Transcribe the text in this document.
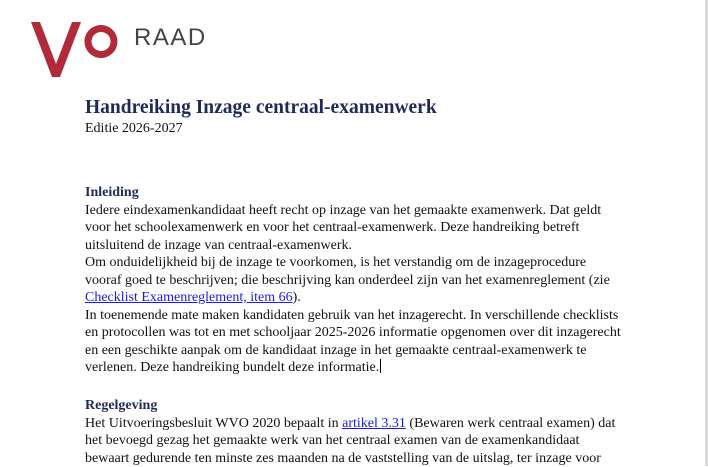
RAAD
Handreiking Inzage centraal-examenwerk

Editie 2026-2027

Inleiding

Iedere eindexamenkandidaat heeft recht op inzage van het gemaakte examenwerk. Dat geldt voor het schoolexamenwerk en voor het centraal-examenwerk. Deze handreiking betreft uitsluitend de inzage van centraal-examenwerk.

Om onduidelijkheid bij de inzage te voorkomen, is het verstandig om de inzageprocedure vooraf goed te beschrijven; die beschrijving kan onderdeel zijn van het examenreglement (zie Checklist Examenreglement, item 66).

In toenemende mate maken kandidaten gebruik van het inzagerecht. In verschillende checklists en protocollen was tot en met schooljaar 2025-2026 informatie opgenomen over dit inzagerecht en een geschikte aanpak om de kandidaat inzage in het gemaakte centraal-examenwerk te verlenen. Deze handreiking bundelt deze informatie.

Regelgeving

Het Uitvoeringsbesluit WVO 2020 bepaalt in artikel 3.31 (Bewaren werk centraal examen) dat het bevoegd gezag het gemaakte werk van het centraal examen van de examenkandidaat bewaart gedurende ten minste zes maanden na de vaststelling van de uitslag, ter inzage voor
